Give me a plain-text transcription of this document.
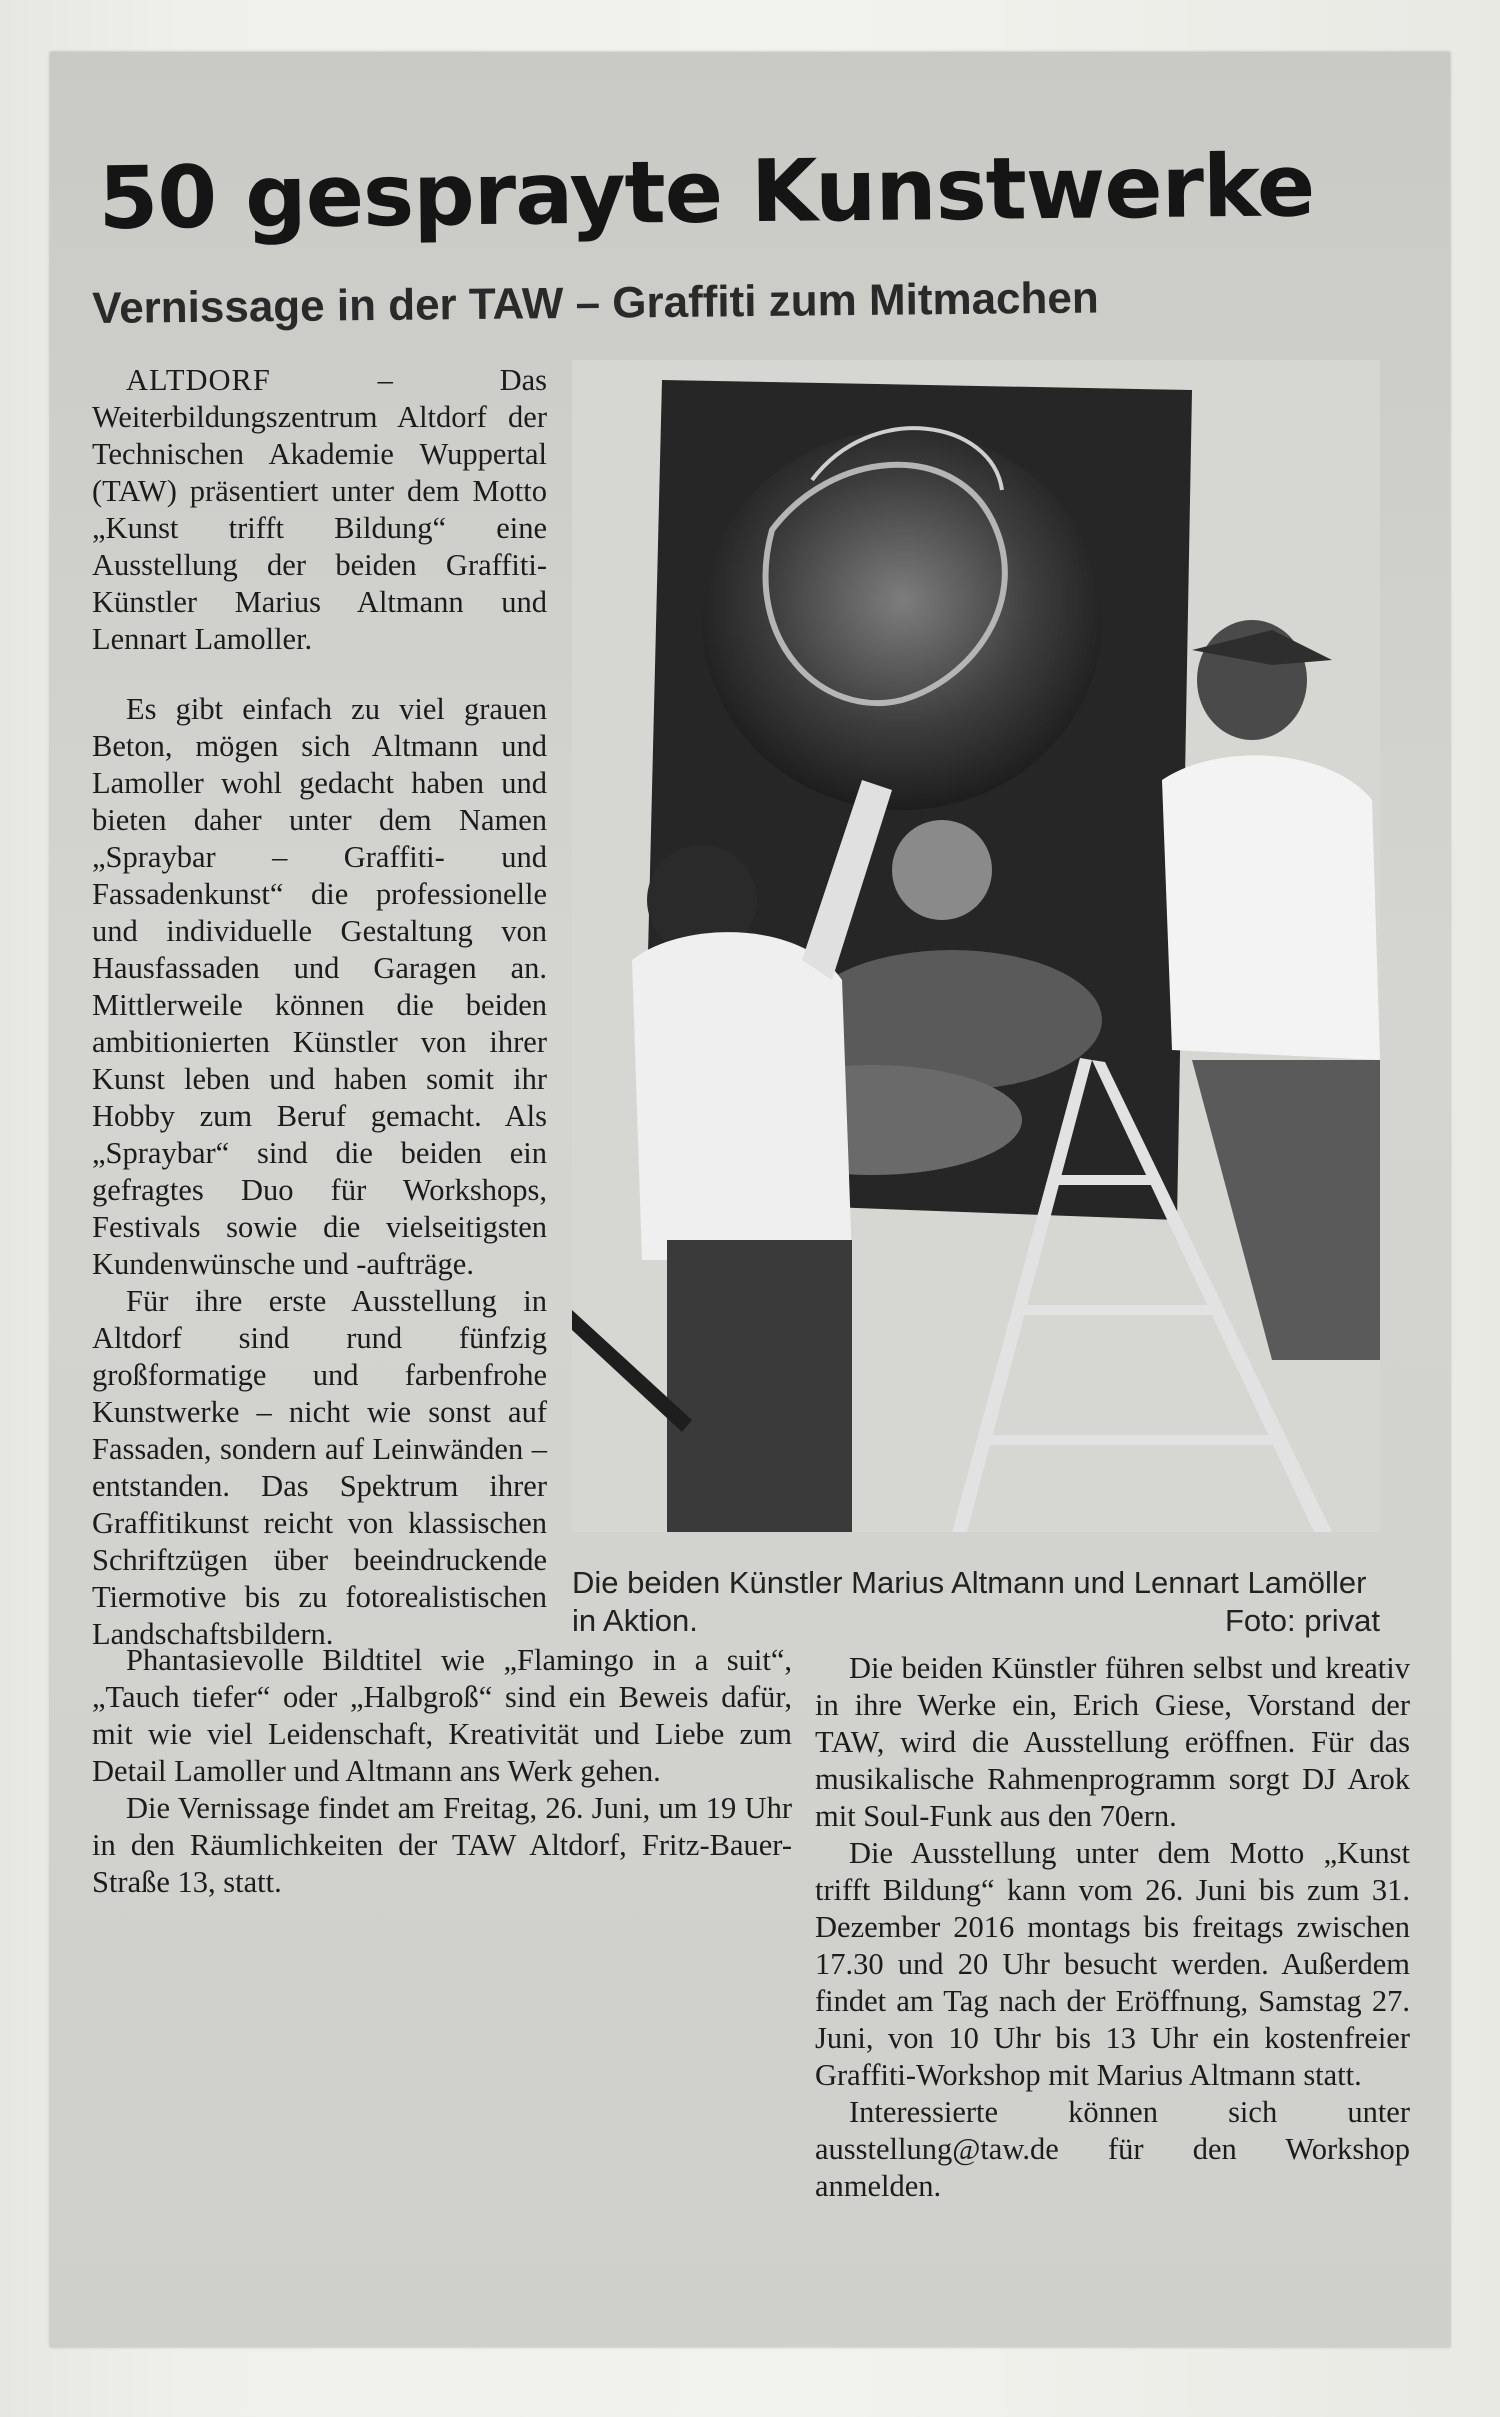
50 gesprayte Kunstwerke
Vernissage in der TAW – Graffiti zum Mitmachen

ALTDORF	– Das Weiterbildungszentrum Altdorf der Technischen Akademie Wuppertal (TAW) präsentiert unter dem Motto „Kunst trifft Bildung“ eine Ausstellung der beiden Graffiti-Künstler Marius Altmann und Lennart Lamoller.

Es gibt einfach zu viel grauen Beton, mögen sich Altmann und Lamoller wohl gedacht haben und bieten daher unter dem Namen „Spraybar – Graffiti- und Fassadenkunst“ die professionelle und individuelle Gestaltung von Hausfassaden und Garagen an. Mittlerweile können die beiden ambitionierten Künstler von ihrer Kunst leben und haben somit ihr Hobby zum Beruf gemacht. Als „Spraybar“ sind die beiden ein gefragtes Duo für Workshops, Festivals sowie die vielseitigsten Kundenwünsche und -aufträge.

Für ihre erste Ausstellung in Altdorf sind rund fünfzig großformatige und farbenfrohe Kunstwerke – nicht wie sonst auf Fassaden, sondern auf Leinwänden – entstanden. Das Spektrum ihrer Graffitikunst reicht von klassischen Schriftzügen über beeindruckende Tiermotive bis zu fotorealistischen Landschaftsbildern.

Phantasievolle Bildtitel wie „Flamingo in a suit“, „Tauch tiefer“ oder „Halbgroß“ sind ein Beweis dafür, mit wie viel Leidenschaft, Kreativität und Liebe zum Detail Lamoller und Altmann ans Werk gehen.

Die Vernissage findet am Freitag, 26. Juni, um 19 Uhr in den Räumlichkeiten der TAW Altdorf, Fritz-Bauer-Straße 13, statt.

Die beiden Künstler führen selbst und kreativ in ihre Werke ein, Erich Giese, Vorstand der TAW, wird die Ausstellung eröffnen. Für das musikalische Rahmenprogramm sorgt DJ Arok mit Soul-Funk aus den 70ern.

Die Ausstellung unter dem Motto „Kunst trifft Bildung“ kann vom 26. Juni bis zum 31. Dezember 2016 montags bis freitags zwischen 17.30 und 20 Uhr besucht werden. Außerdem findet am Tag nach der Eröffnung, Samstag 27. Juni, von 10 Uhr bis 13 Uhr ein kostenfreier Graffiti-Workshop mit Marius Altmann statt.

Interessierte können sich unter ausstellung@taw.de für den Workshop anmelden.

Die beiden Künstler Marius Altmann und Lennart Lamöller in Aktion.	Foto: privat
